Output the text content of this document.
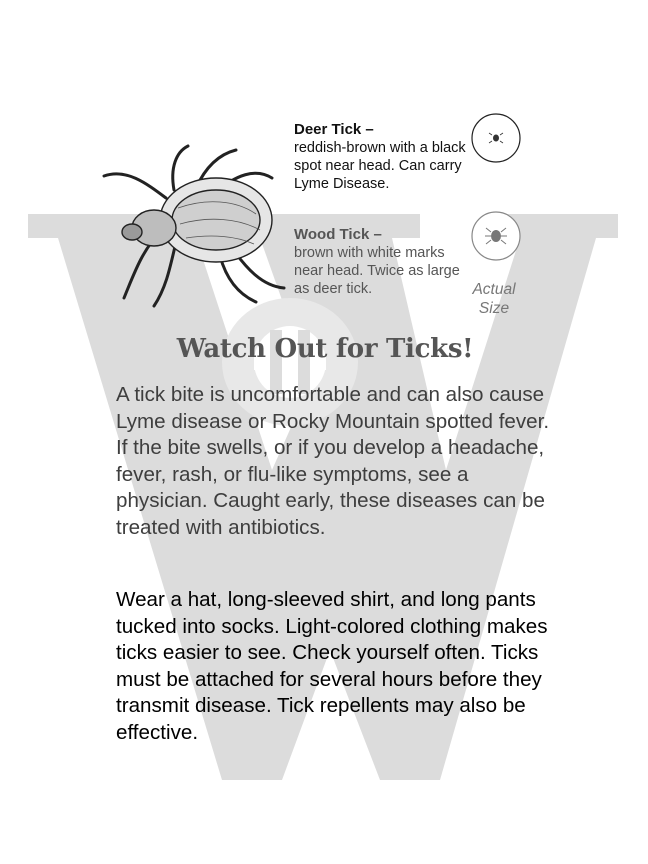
Deer Tick –
reddish-brown with a black spot near head. Can carry Lyme Disease.
Wood Tick –
brown with white marks near head. Twice as large as deer tick.	Actual
Size
Watch Out for Ticks!

A tick bite is uncomfortable and can also cause Lyme disease or Rocky Mountain spotted fever. If the bite swells, or if you develop a headache, fever, rash, or flu-like symptoms, see a physician. Caught early, these diseases can be treated with antibiotics.

Wear a hat, long-sleeved shirt, and long pants tucked into socks. Light-colored clothing makes ticks easier to see. Check yourself often. Ticks must be attached for several hours before they transmit disease. Tick repellents may also be effective.
